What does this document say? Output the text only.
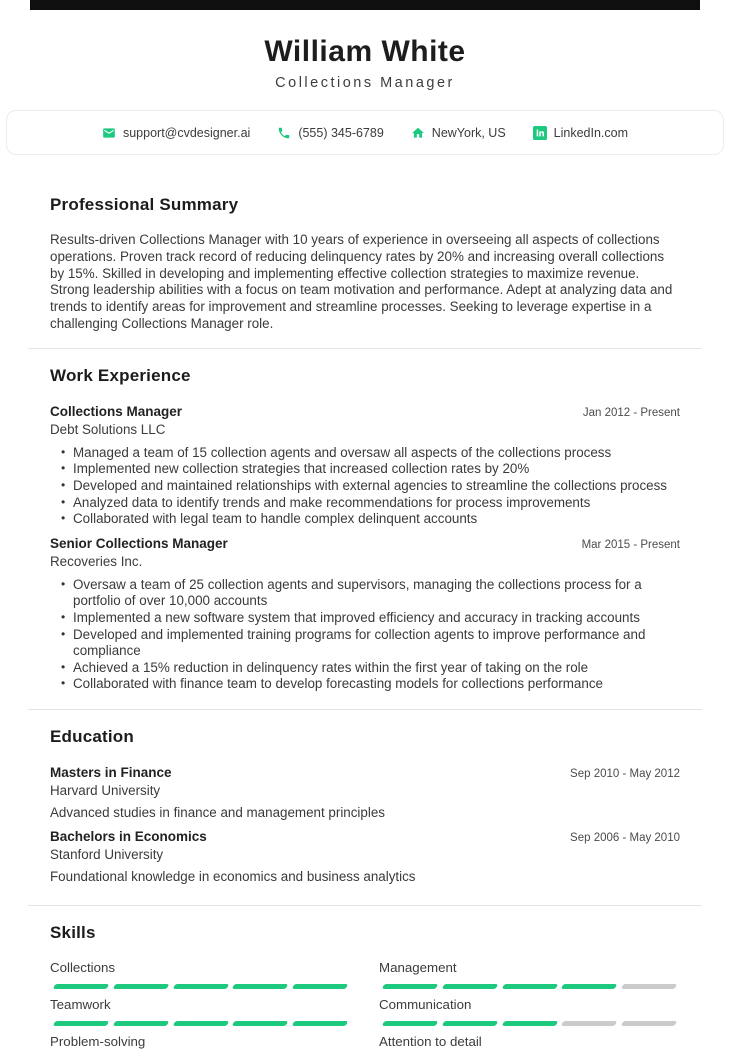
William White
Collections Manager
support@cvdesigner.ai	(555) 345-6789	NewYork, US	LinkedIn.com
Professional Summary

Results-driven Collections Manager with 10 years of experience in overseeing all aspects of collections operations. Proven track record of reducing delinquency rates by 20% and increasing overall collections by 15%. Skilled in developing and implementing effective collection strategies to maximize revenue. Strong leadership abilities with a focus on team motivation and performance. Adept at analyzing data and trends to identify areas for improvement and streamline processes. Seeking to leverage expertise in a challenging Collections Manager role.

Work Experience
Collections Manager	Jan 2012 - Present
Debt Solutions LLC
• Managed a team of 15 collection agents and oversaw all aspects of the collections process
• Implemented new collection strategies that increased collection rates by 20%
• Developed and maintained relationships with external agencies to streamline the collections process
• Analyzed data to identify trends and make recommendations for process improvements
• Collaborated with legal team to handle complex delinquent accounts
Senior Collections Manager	Mar 2015 - Present
Recoveries Inc.
• Oversaw a team of 25 collection agents and supervisors, managing the collections process for a portfolio of over 10,000 accounts
• Implemented a new software system that improved efficiency and accuracy in tracking accounts
• Developed and implemented training programs for collection agents to improve performance and compliance
• Achieved a 15% reduction in delinquency rates within the first year of taking on the role
• Collaborated with finance team to develop forecasting models for collections performance
Education
Masters in Finance	Sep 2010 - May 2012
Harvard University
Advanced studies in finance and management principles
Bachelors in Economics	Sep 2006 - May 2010
Stanford University
Foundational knowledge in economics and business analytics
Skills
Collections	Management
Teamwork	Communication
Problem-solving	Attention to detail
